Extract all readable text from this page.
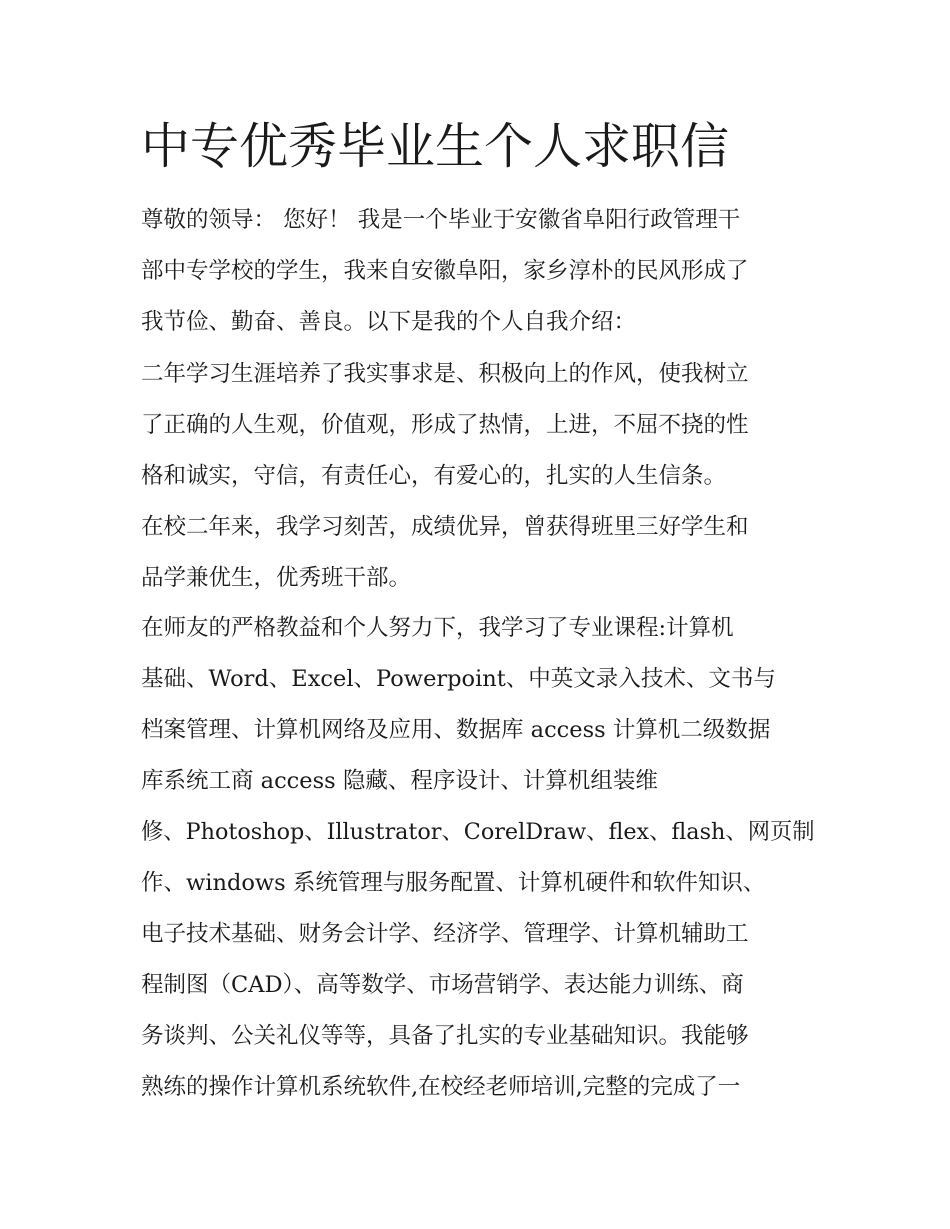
中专优秀毕业生个人求职信

尊敬的领导： 您好！ 我是一个毕业于安徽省阜阳行政管理干

部中专学校的学生，我来自安徽阜阳，家乡淳朴的民风形成了

我节俭、勤奋、善良。以下是我的个人自我介绍：

二年学习生涯培养了我实事求是、积极向上的作风，使我树立

了正确的人生观，价值观，形成了热情，上进，不屈不挠的性

格和诚实，守信，有责任心，有爱心的，扎实的人生信条。

在校二年来，我学习刻苦，成绩优异，曾获得班里三好学生和

品学兼优生，优秀班干部。

在师友的严格教益和个人努力下，我学习了专业课程:计算机

基础、Word、Excel、Powerpoint、中英文录入技术、文书与

档案管理、计算机网络及应用、数据库 access 计算机二级数据

库系统工商 access 隐藏、程序设计、计算机组装维

修、Photoshop、Illustrator、CorelDraw、flex、flash、网页制

作、windows 系统管理与服务配置、计算机硬件和软件知识、

电子技术基础、财务会计学、经济学、管理学、计算机辅助工

程制图（CAD）、高等数学、市场营销学、表达能力训练、商

务谈判、公关礼仪等等，具备了扎实的专业基础知识。我能够

熟练的操作计算机系统软件,在校经老师培训,完整的完成了一
